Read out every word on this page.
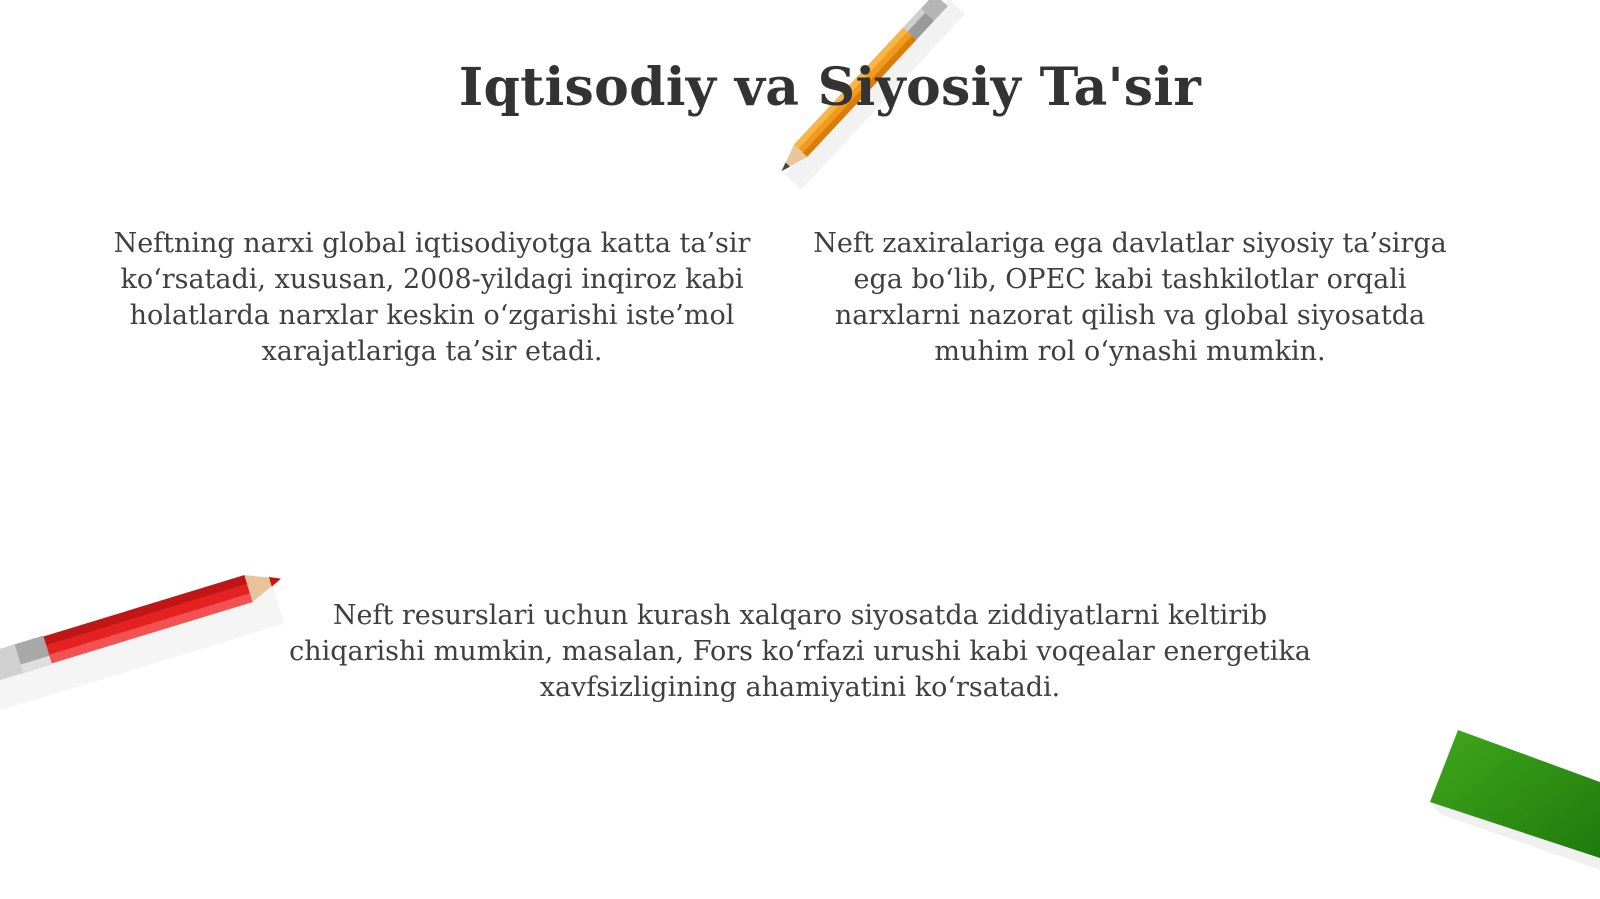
Iqtisodiy va Siyosiy Ta'sir

Neftning narxi global iqtisodiyotga katta ta’sir ko‘rsatadi, xususan, 2008-yildagi inqiroz kabi holatlarda narxlar keskin o‘zgarishi iste’mol xarajatlariga ta’sir etadi.

Neft zaxiralariga ega davlatlar siyosiy ta’sirga ega bo‘lib, OPEC kabi tashkilotlar orqali narxlarni nazorat qilish va global siyosatda muhim rol o‘ynashi mumkin.

Neft resurslari uchun kurash xalqaro siyosatda ziddiyatlarni keltirib chiqarishi mumkin, masalan, Fors ko‘rfazi urushi kabi voqealar energetika xavfsizligining ahamiyatini ko‘rsatadi.
